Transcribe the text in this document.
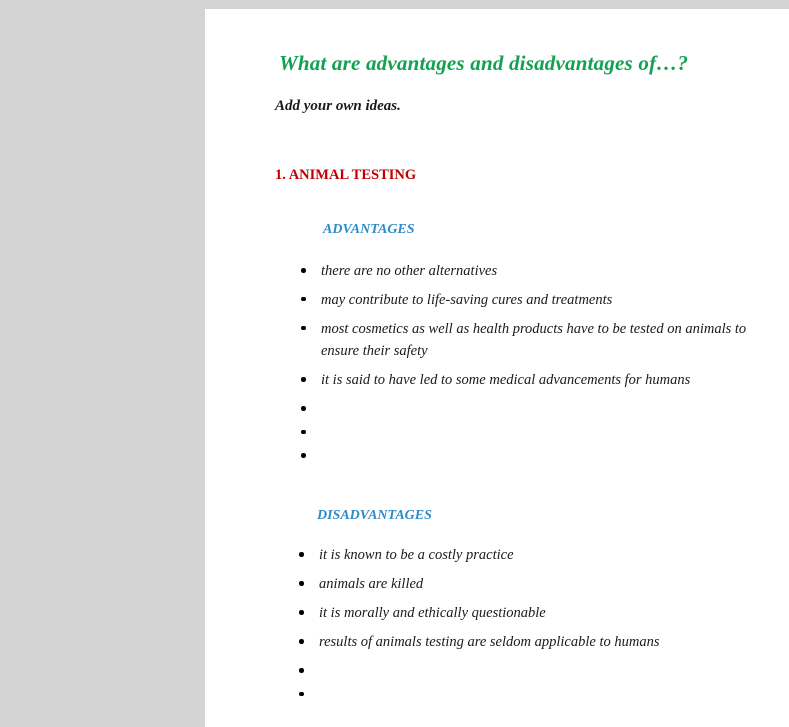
What are advantages and disadvantages of…?

Add your own ideas.

1. ANIMAL TESTING
ADVANTAGES
there are no other alternatives
may contribute to life-saving cures and treatments
most cosmetics as well as health products have to be tested on animals to ensure their safety
it is said to have led to some medical advancements for humans
DISADVANTAGES
it is known to be a costly practice
animals are killed
it is morally and ethically questionable
results of animals testing are seldom applicable to humans
